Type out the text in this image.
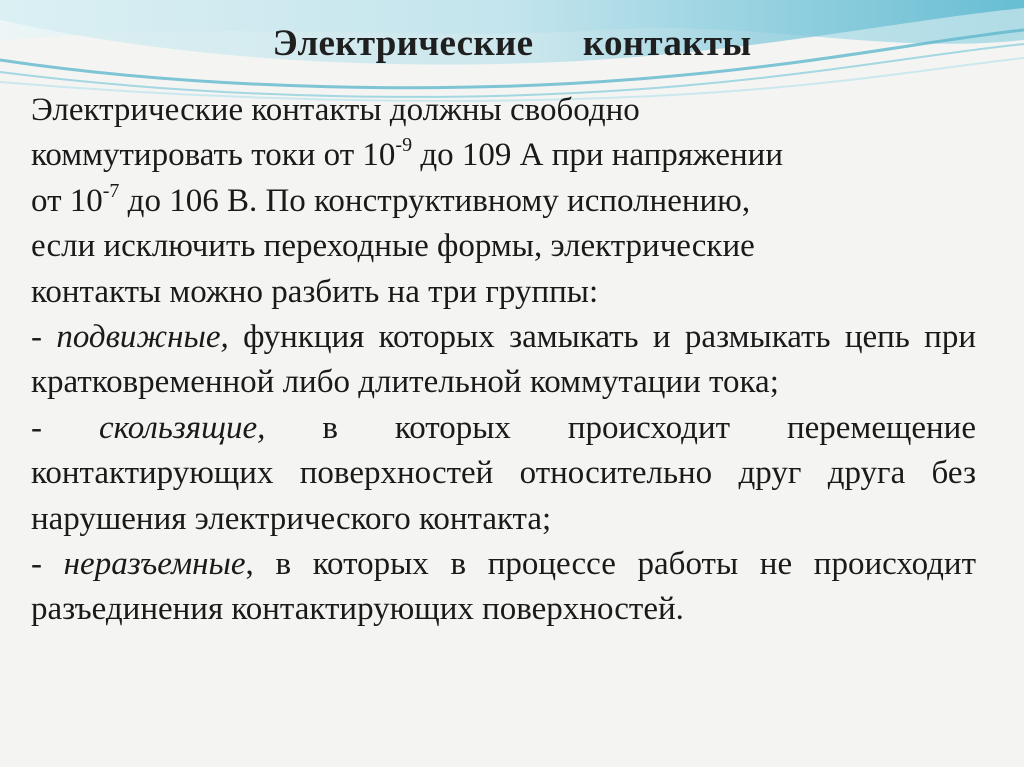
Электрические контакты

Электрические контакты должны свободно
коммутировать токи от $10^{-9}$ до 109 А при напряжении
от $10^{-7}$ до 106 В. По конструктивному исполнению,
если исключить переходные формы, электрические
контакты можно разбить на три группы:

- подвижные, функция которых замыкать и размыкать цепь при кратковременной либо длительной коммутации тока;

- скользящие, в которых происходит перемещение контактирующих поверхностей относительно друг друга без нарушения электрического контакта;

- неразъемные, в которых в процессе работы не происходит разъединения контактирующих поверхностей.
